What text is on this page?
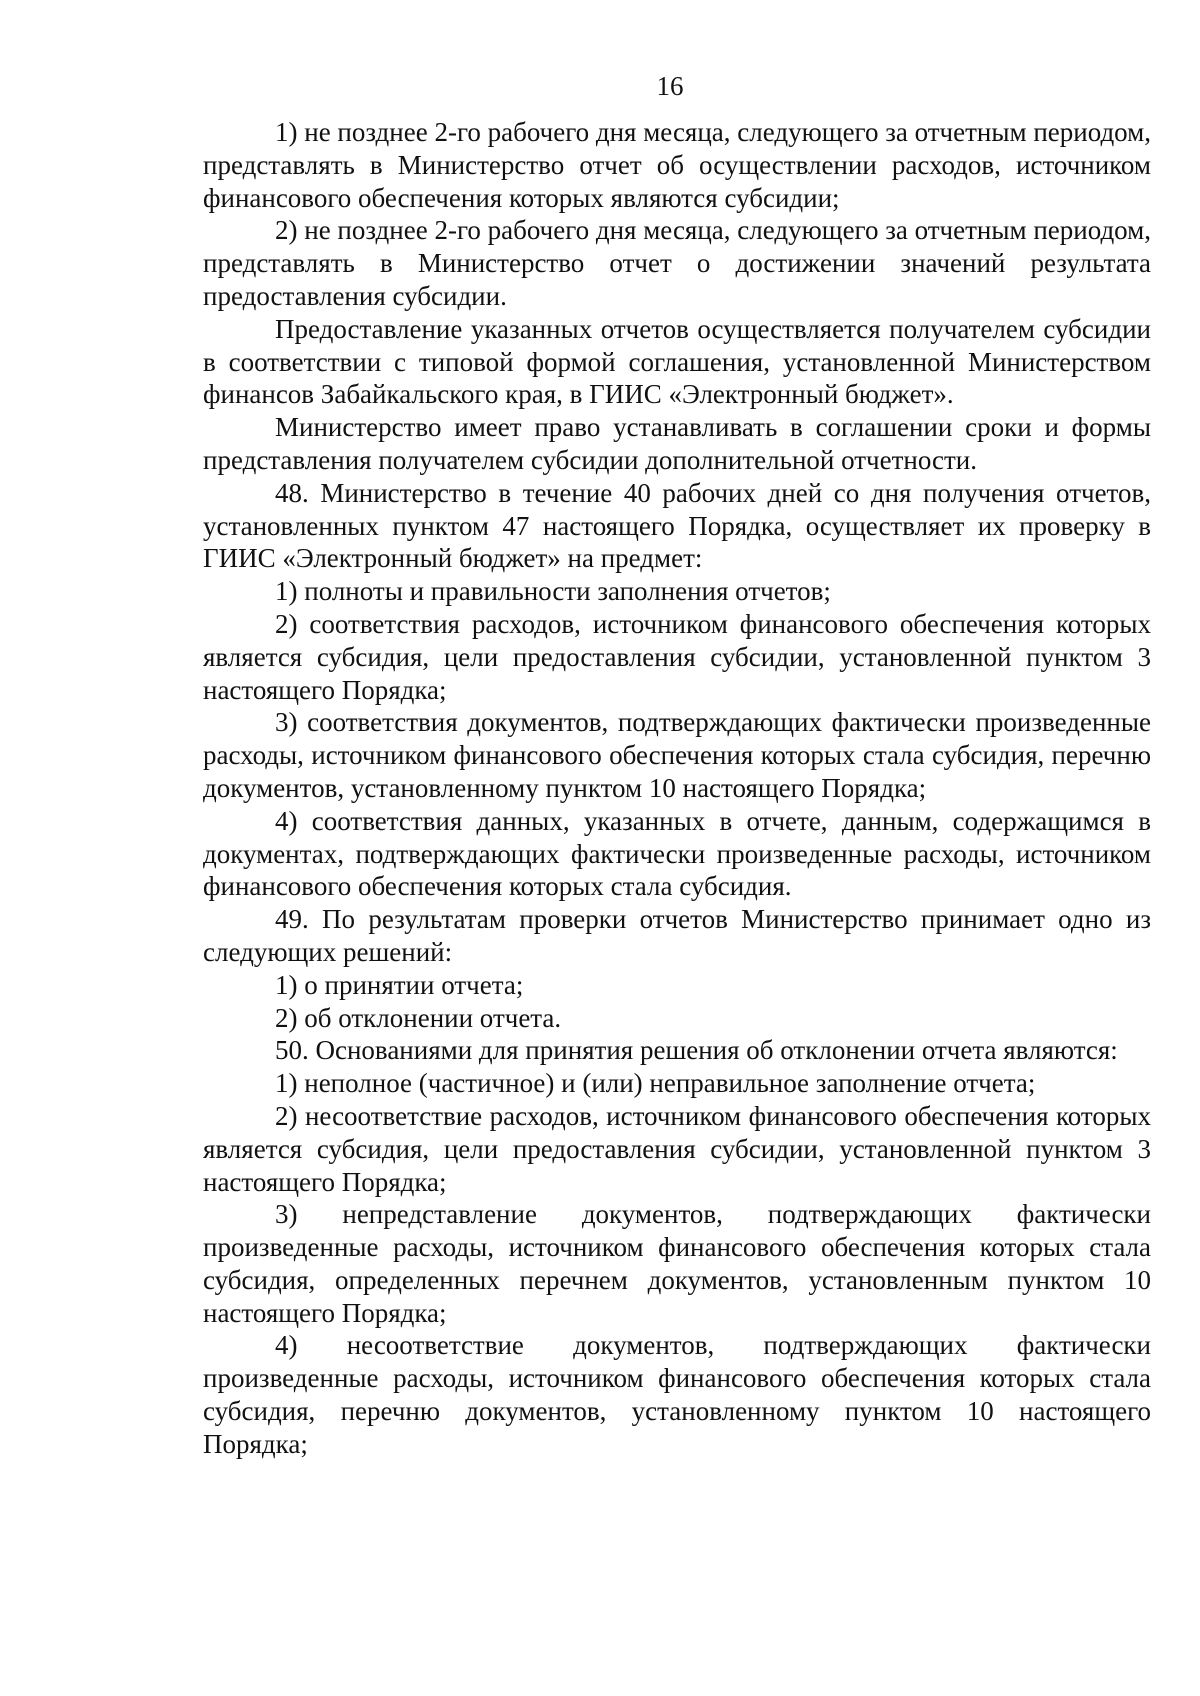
16

1) не позднее 2-го рабочего дня месяца, следующего за отчетным периодом, представлять в Министерство отчет об осуществлении расходов, источником финансового обеспечения которых являются субсидии;

2) не позднее 2-го рабочего дня месяца, следующего за отчетным периодом, представлять в Министерство отчет о достижении значений результата предоставления субсидии.

Предоставление указанных отчетов осуществляется получателем субсидии в соответствии с типовой формой соглашения, установленной Министерством финансов Забайкальского края, в ГИИС «Электронный бюджет».

Министерство имеет право устанавливать в соглашении сроки и формы представления получателем субсидии дополнительной отчетности.

48. Министерство в течение 40 рабочих дней со дня получения отчетов, установленных пунктом 47 настоящего Порядка, осуществляет их проверку в ГИИС «Электронный бюджет» на предмет:

1) полноты и правильности заполнения отчетов;

2) соответствия расходов, источником финансового обеспечения которых является субсидия, цели предоставления субсидии, установленной пунктом 3 настоящего Порядка;

3) соответствия документов, подтверждающих фактически произведенные расходы, источником финансового обеспечения которых стала субсидия, перечню документов, установленному пунктом 10 настоящего Порядка;

4) соответствия данных, указанных в отчете, данным, содержащимся в документах, подтверждающих фактически произведенные расходы, источником финансового обеспечения которых стала субсидия.

49. По результатам проверки отчетов Министерство принимает одно из следующих решений:

1) о принятии отчета;

2) об отклонении отчета.

50. Основаниями для принятия решения об отклонении отчета являются:

1) неполное (частичное) и (или) неправильное заполнение отчета;

2) несоответствие расходов, источником финансового обеспечения которых является субсидия, цели предоставления субсидии, установленной пунктом 3 настоящего Порядка;

3) непредставление документов, подтверждающих фактически произведенные расходы, источником финансового обеспечения которых стала субсидия, определенных перечнем документов, установленным пунктом 10 настоящего Порядка;

4) несоответствие документов, подтверждающих фактически произведенные расходы, источником финансового обеспечения которых стала субсидия, перечню документов, установленному пунктом 10 настоящего Порядка;
